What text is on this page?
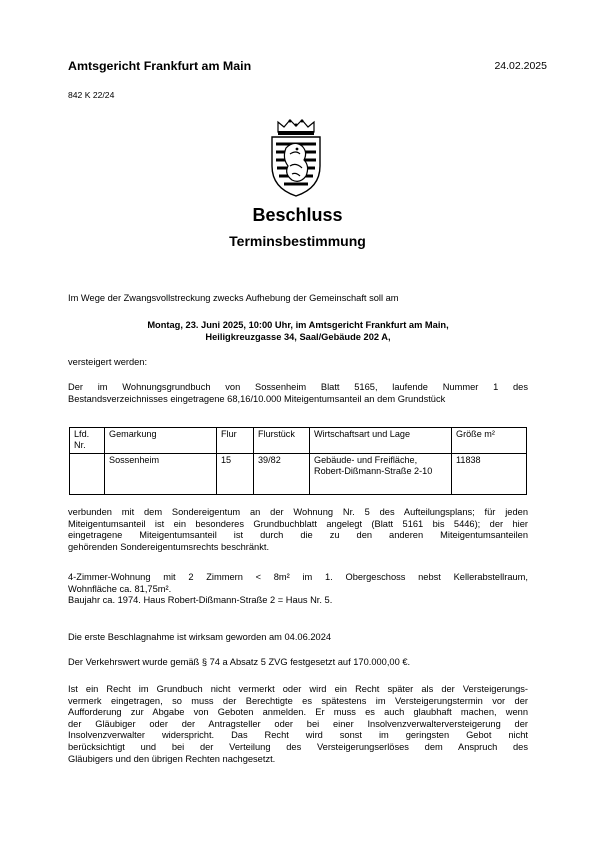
Amtsgericht Frankfurt am Main	24.02.2025
842 K 22/24
Beschluss
Terminsbestimmung
Im Wege der Zwangsvollstreckung zwecks Aufhebung der Gemeinschaft soll am
Montag, 23. Juni 2025, 10:00 Uhr, im Amtsgericht Frankfurt am Main,
Heiligkreuzgasse 34, Saal/Gebäude 202 A,
versteigert werden:
Der im Wohnungsgrundbuch von Sossenheim Blatt 5165, laufende Nummer 1 des
Bestandsverzeichnisses eingetragene 68,16/10.000 Miteigentumsanteil an dem Grundstück
Lfd. Nr.	Gemarkung	Flur	Flurstück	Wirtschaftsart und Lage	Größe m²
	Sossenheim	15	39/82	Gebäude- und Freifläche, Robert-Dißmann-Straße 2-10	11838
verbunden mit dem Sondereigentum an der Wohnung Nr. 5 des Aufteilungsplans; für jeden
Miteigentumsanteil ist ein besonderes Grundbuchblatt angelegt (Blatt 5161 bis 5446); der hier
eingetragene Miteigentumsanteil ist durch die zu den anderen Miteigentumsanteilen
gehörenden Sondereigentumsrechts beschränkt.
4-Zimmer-Wohnung mit 2 Zimmern < 8m² im 1. Obergeschoss nebst Kellerabstellraum,
Wohnfläche ca. 81,75m².
Baujahr ca. 1974. Haus Robert-Dißmann-Straße 2 = Haus Nr. 5.
Die erste Beschlagnahme ist wirksam geworden am 04.06.2024
Der Verkehrswert wurde gemäß § 74 a Absatz 5 ZVG festgesetzt auf 170.000,00 €.
Ist ein Recht im Grundbuch nicht vermerkt oder wird ein Recht später als der Versteigerungs-
vermerk eingetragen, so muss der Berechtigte es spätestens im Versteigerungstermin vor der
Aufforderung zur Abgabe von Geboten anmelden. Er muss es auch glaubhaft machen, wenn
der Gläubiger oder der Antragsteller oder bei einer Insolvenzverwalterversteigerung der
Insolvenzverwalter widerspricht. Das Recht wird sonst im geringsten Gebot nicht
berücksichtigt und bei der Verteilung des Versteigerungserlöses dem Anspruch des
Gläubigers und den übrigen Rechten nachgesetzt.
